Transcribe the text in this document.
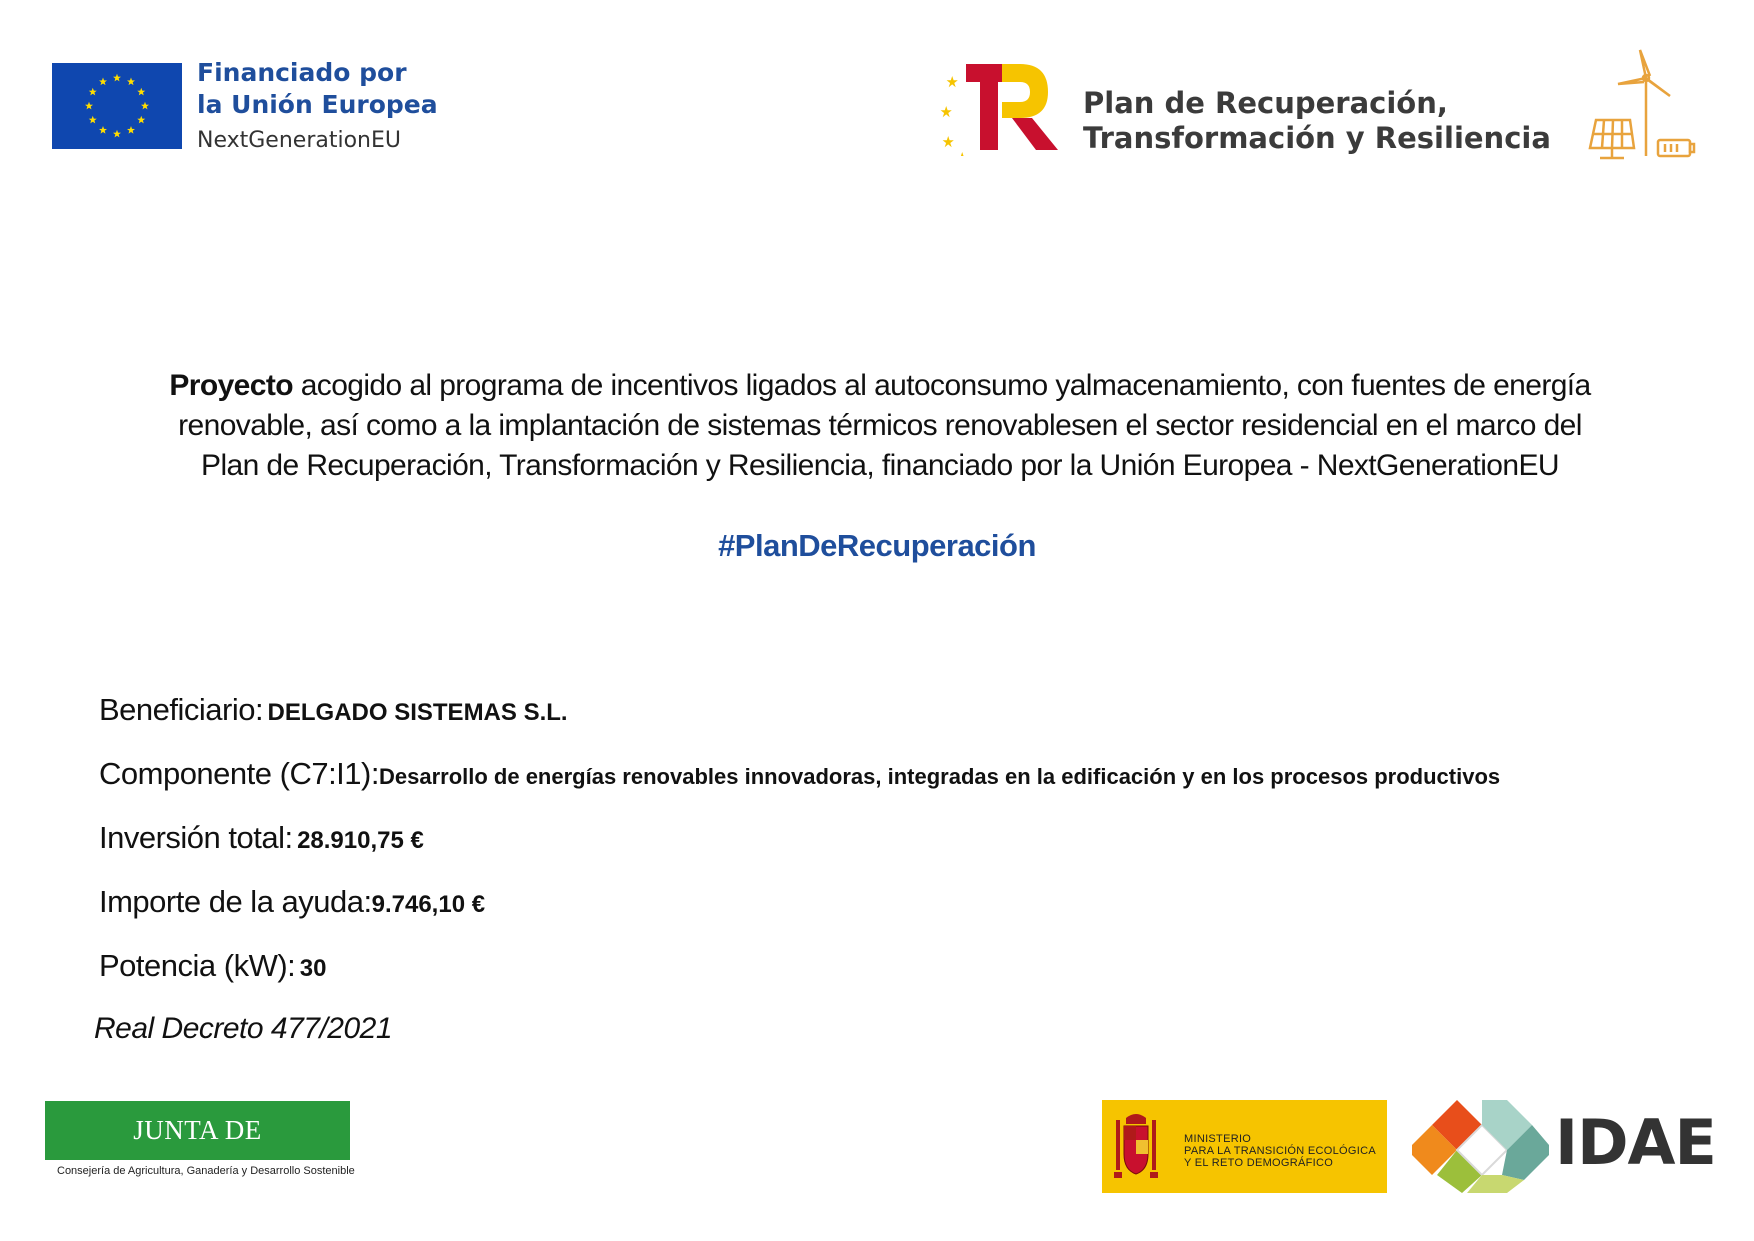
Financiado por
la Unión Europea
NextGenerationEU
Plan de Recuperación,
Transformación y Resiliencia
Proyecto acogido al programa de incentivos ligados al autoconsumo yalmacenamiento, con fuentes de energía
renovable, así como a la implantación de sistemas térmicos renovablesen el sector residencial en el marco del
Plan de Recuperación, Transformación y Resiliencia, financiado por la Unión Europea - NextGenerationEU
#PlanDeRecuperación
Beneficiario: DELGADO SISTEMAS S.L.
Componente (C7:I1):Desarrollo de energías renovables innovadoras, integradas en la edificación y en los procesos productivos
Inversión total: 28.910,75 €
Importe de la ayuda:9.746,10 €
Potencia (kW): 30
Real Decreto 477/2021
JUNTA DE EXTREMADURA
Consejería de Agricultura, Ganadería y Desarrollo Sostenible
MINISTERIO
PARA LA TRANSICIÓN ECOLÓGICA
Y EL RETO DEMOGRÁFICO	IDAE
